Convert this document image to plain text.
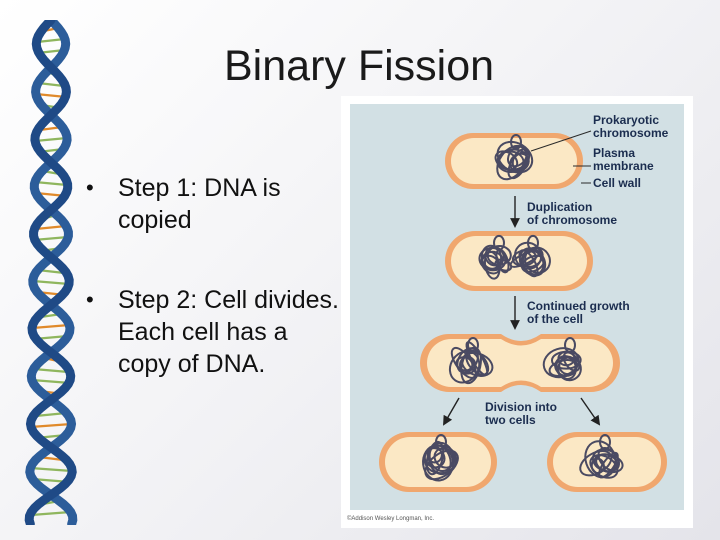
Binary Fission
• Step 1: DNA is copied
• Step 2: Cell divides. Each cell has a copy of DNA.
Prokaryotic chromosome
Plasma membrane
Cell wall
Duplication of chromosome
Continued growth of the cell
Division into two cells
©Addison Wesley Longman, Inc.
